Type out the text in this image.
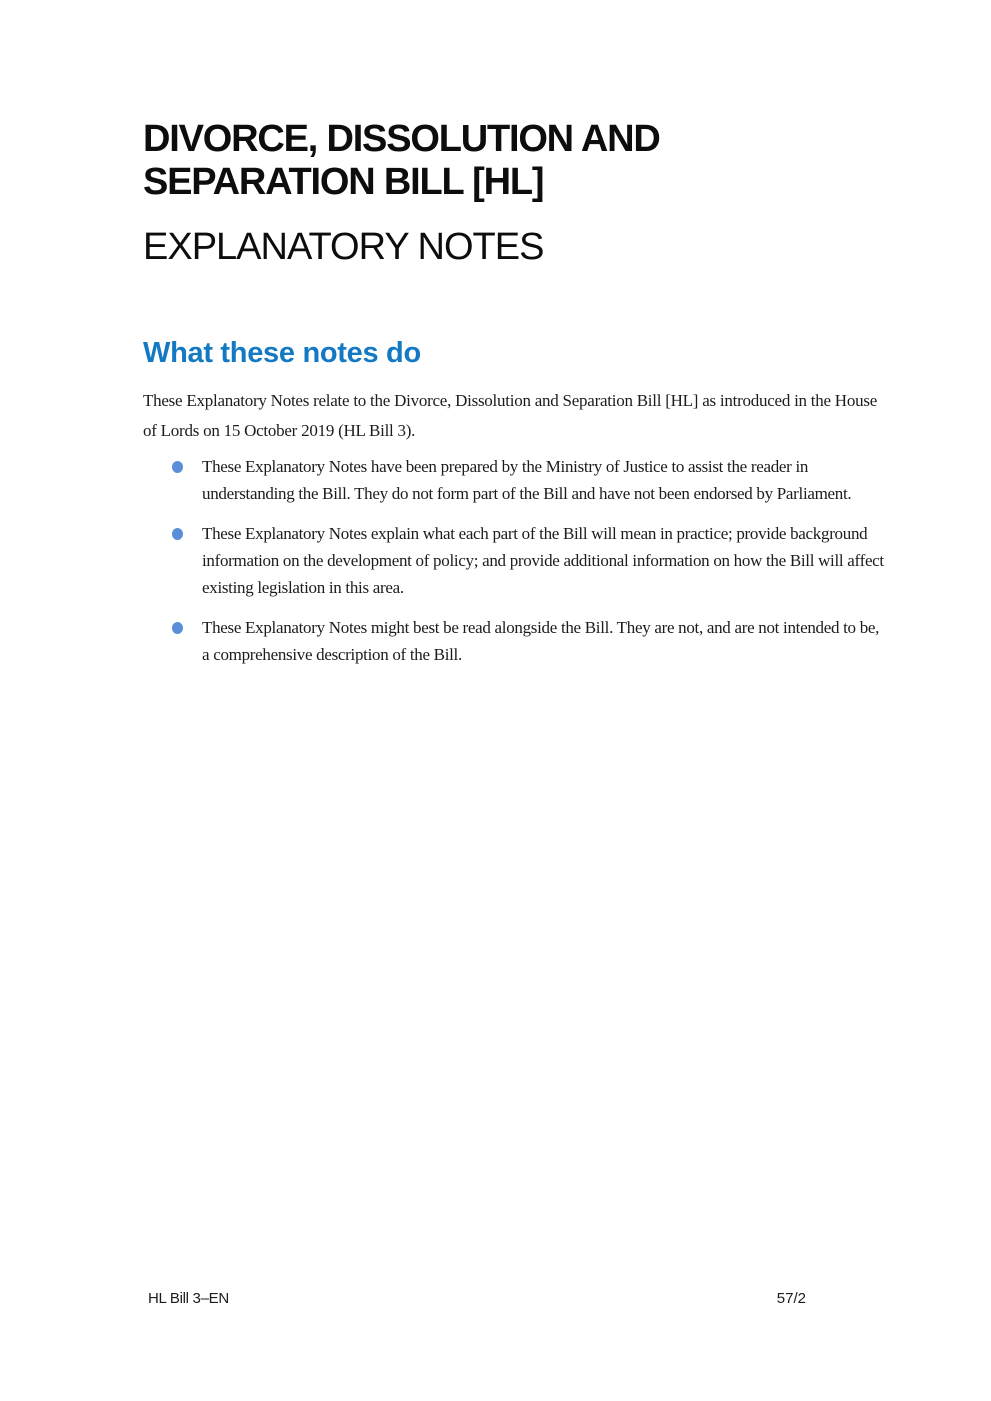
DIVORCE, DISSOLUTION AND SEPARATION BILL [HL]
EXPLANATORY NOTES
What these notes do

These Explanatory Notes relate to the Divorce, Dissolution and Separation Bill [HL] as introduced in the House of Lords on 15 October 2019 (HL Bill 3).

These Explanatory Notes have been prepared by the Ministry of Justice to assist the reader in understanding the Bill. They do not form part of the Bill and have not been endorsed by Parliament.
These Explanatory Notes explain what each part of the Bill will mean in practice; provide background information on the development of policy; and provide additional information on how the Bill will affect existing legislation in this area.
These Explanatory Notes might best be read alongside the Bill. They are not, and are not intended to be, a comprehensive description of the Bill.
HL Bill 3–EN	57/2
